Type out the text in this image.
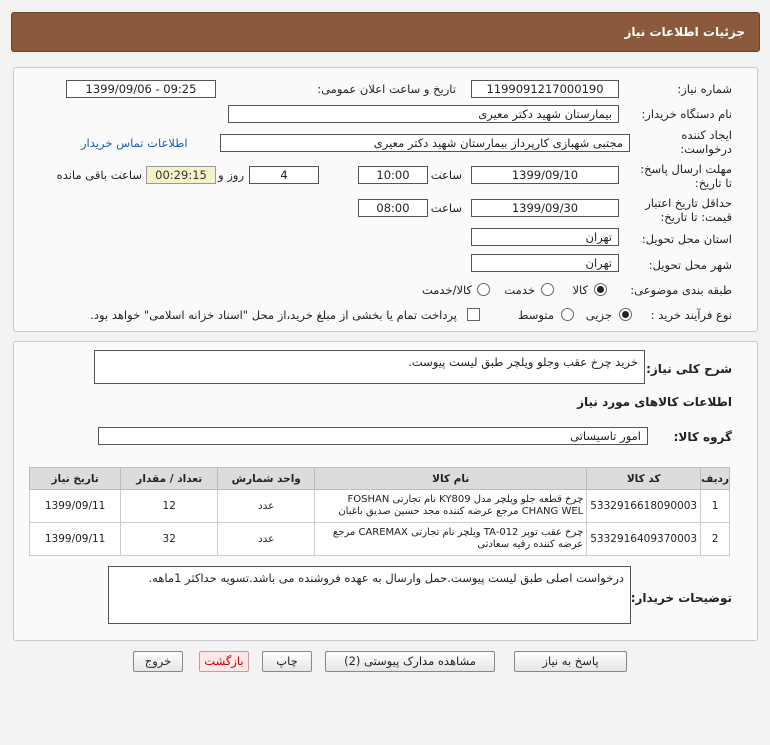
جزئیات اطلاعات نیاز
شماره نیاز:
1199091217000190
تاریخ و ساعت اعلان عمومی:
1399/09/06 - 09:25
نام دستگاه خریدار:
بیمارستان شهید دکتر معیری
ایجاد کننده درخواست:
مجتبی شهبازی کارپرداز بیمارستان شهید دکتر معیری
اطلاعات تماس خریدار
مهلت ارسال پاسخ: تا تاریخ:
1399/09/10
ساعت
10:00
4
روز و
00:29:15
ساعت باقی مانده
حداقل تاریخ اعتبار قیمت: تا تاریخ:
1399/09/30
ساعت
08:00
استان محل تحویل:
تهران
شهر محل تحویل:
تهران
طبقه بندی موضوعی:
کالا
خدمت
کالا/خدمت
نوع فرآیند خرید :
جزیی
متوسط
پرداخت تمام یا بخشی از مبلغ خرید،از محل "اسناد خزانه اسلامی" خواهد بود.
شرح کلی نیاز:
خرید چرخ عقب وجلو ویلچر طبق لیست پیوست.
اطلاعات کالاهای مورد نیاز
گروه کالا:
امور تاسیساتی
ردیف	کد کالا	نام کالا	واحد شمارش	تعداد / مقدار	تاریخ نیاز
1	5332916618090003	چرخ قطعه جلو ویلچر مدل KY809 نام تجارتی FOSHAN CHANG WEL مرجع عرضه کننده مجد حسین صدیق باغبان	عدد	12	1399/09/11
2	5332916409370003	چرخ عقب توپر TA-012 ویلچر نام تجارتی CAREMAX مرجع عرضه کننده رقیه سعادتی	عدد	32	1399/09/11
توضیحات خریدار:
درخواست اصلی طبق لیست پیوست.حمل وارسال به عهده فروشنده می باشد.تسویه حداکثر 1ماهه.
پاسخ به نیاز
مشاهده مدارک پیوستی (2)
چاپ
بازگشت
خروج
